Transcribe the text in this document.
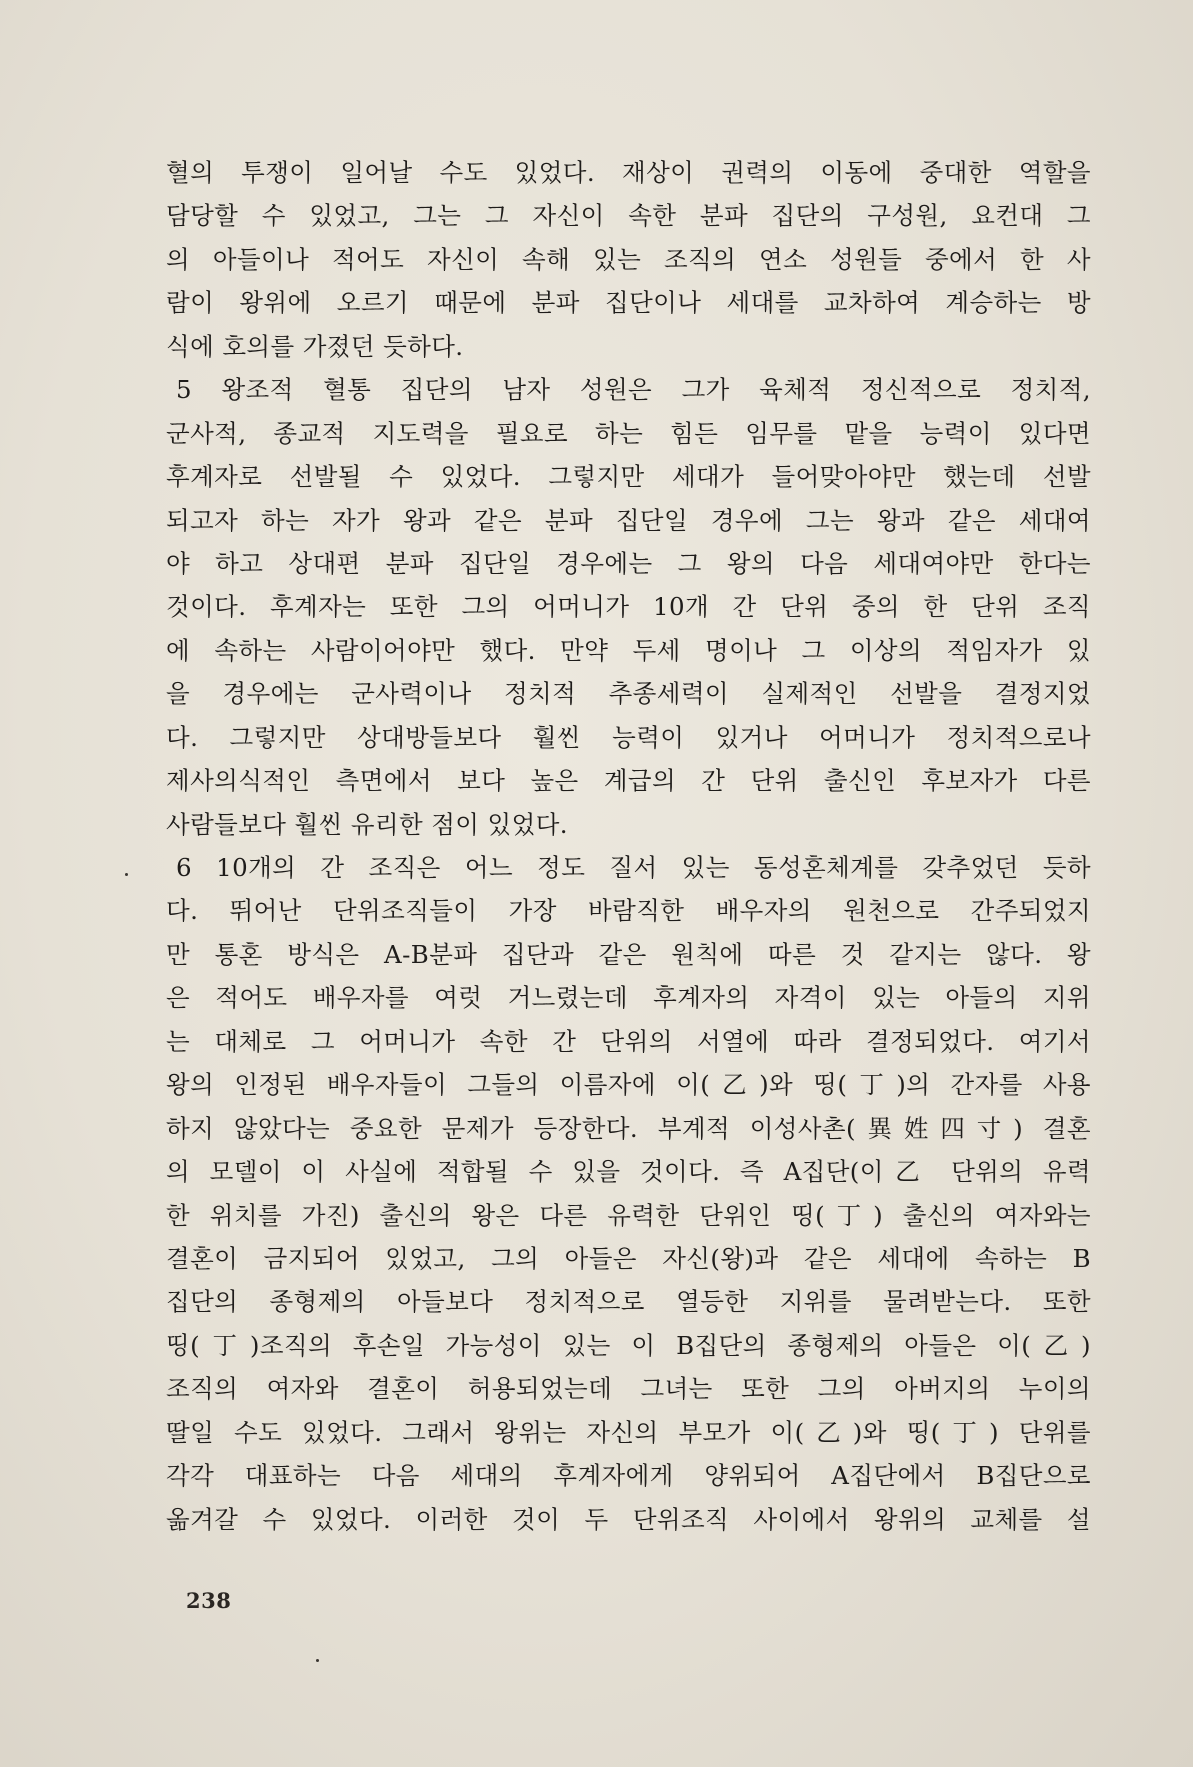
혈의 투쟁이 일어날 수도 있었다. 재상이 권력의 이동에 중대한 역할을
담당할 수 있었고, 그는 그 자신이 속한 분파 집단의 구성원, 요컨대 그
의 아들이나 적어도 자신이 속해 있는 조직의 연소 성원들 중에서 한 사
람이 왕위에 오르기 때문에 분파 집단이나 세대를 교차하여 계승하는 방
식에 호의를 가졌던 듯하다.
5 왕조적 혈통 집단의 남자 성원은 그가 육체적 정신적으로 정치적,
군사적, 종교적 지도력을 필요로 하는 힘든 임무를 맡을 능력이 있다면
후계자로 선발될 수 있었다. 그렇지만 세대가 들어맞아야만 했는데 선발
되고자 하는 자가 왕과 같은 분파 집단일 경우에 그는 왕과 같은 세대여
야 하고 상대편 분파 집단일 경우에는 그 왕의 다음 세대여야만 한다는
것이다. 후계자는 또한 그의 어머니가 10개 간 단위 중의 한 단위 조직
에 속하는 사람이어야만 했다. 만약 두세 명이나 그 이상의 적임자가 있
을 경우에는 군사력이나 정치적 추종세력이 실제적인 선발을 결정지었
다. 그렇지만 상대방들보다 훨씬 능력이 있거나 어머니가 정치적으로나
제사의식적인 측면에서 보다 높은 계급의 간 단위 출신인 후보자가 다른
사람들보다 훨씬 유리한 점이 있었다.
6 10개의 간 조직은 어느 정도 질서 있는 동성혼체계를 갖추었던 듯하
다. 뛰어난 단위조직들이 가장 바람직한 배우자의 원천으로 간주되었지
만 통혼 방식은 A-B분파 집단과 같은 원칙에 따른 것 같지는 않다. 왕
은 적어도 배우자를 여럿 거느렸는데 후계자의 자격이 있는 아들의 지위
는 대체로 그 어머니가 속한 간 단위의 서열에 따라 결정되었다. 여기서
왕의 인정된 배우자들이 그들의 이름자에 이(乙)와 띵(丁)의 간자를 사용
하지 않았다는 중요한 문제가 등장한다. 부계적 이성사촌(異姓四寸) 결혼
의 모델이 이 사실에 적합될 수 있을 것이다. 즉 A집단(이乙 단위의 유력
한 위치를 가진) 출신의 왕은 다른 유력한 단위인 띵(丁) 출신의 여자와는
결혼이 금지되어 있었고, 그의 아들은 자신(왕)과 같은 세대에 속하는 B
집단의 종형제의 아들보다 정치적으로 열등한 지위를 물려받는다. 또한
띵(丁)조직의 후손일 가능성이 있는 이 B집단의 종형제의 아들은 이(乙)
조직의 여자와 결혼이 허용되었는데 그녀는 또한 그의 아버지의 누이의
딸일 수도 있었다. 그래서 왕위는 자신의 부모가 이(乙)와 띵(丁) 단위를
각각 대표하는 다음 세대의 후계자에게 양위되어 A집단에서 B집단으로
옮겨갈 수 있었다. 이러한 것이 두 단위조직 사이에서 왕위의 교체를 설
238
